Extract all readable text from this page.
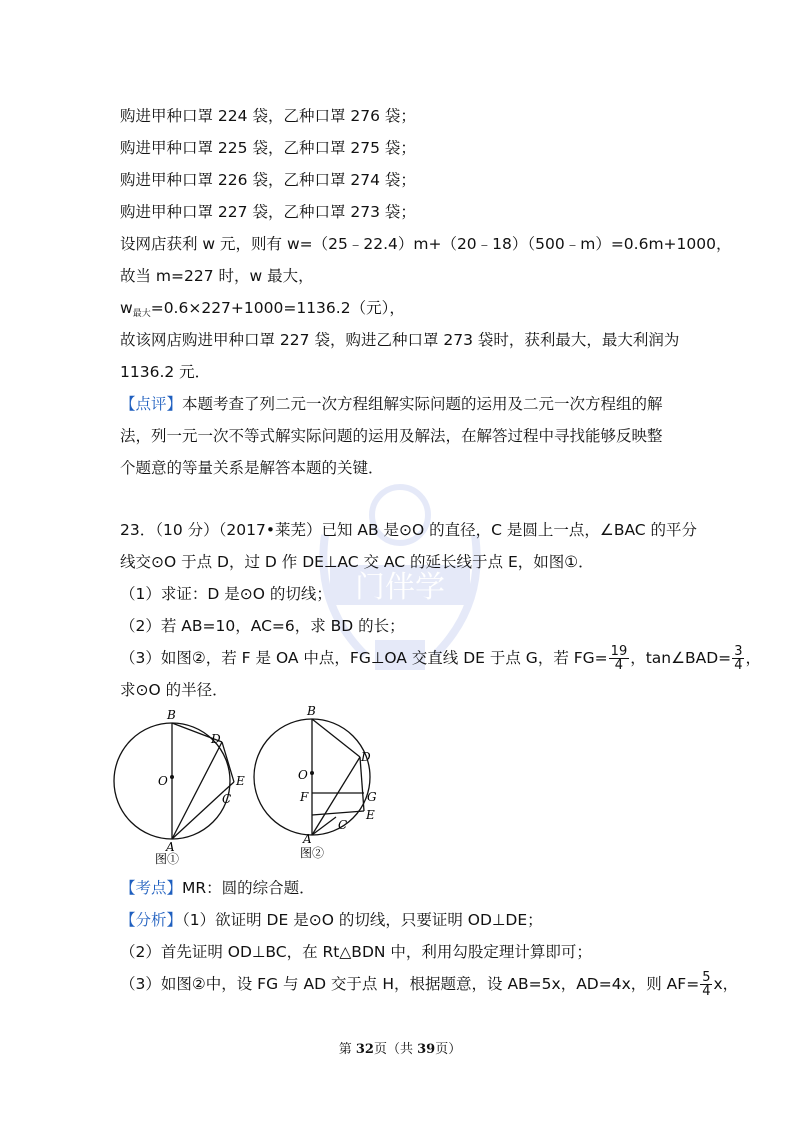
门伴学
购进甲种口罩 224 袋，乙种口罩 276 袋；
购进甲种口罩 225 袋，乙种口罩 275 袋；
购进甲种口罩 226 袋，乙种口罩 274 袋；
购进甲种口罩 227 袋，乙种口罩 273 袋；
设网店获利 w 元，则有 w=（25﹣22.4）m+（20﹣18）（500﹣m）=0.6m+1000，
故当 m=227 时，w 最大，
$w_{最大}=0.6\times 227+1000=1136.2$（元），
故该网店购进甲种口罩 227 袋，购进乙种口罩 273 袋时，获利最大，最大利润为
1136.2 元．
【点评】本题考查了列二元一次方程组解实际问题的运用及二元一次方程组的解
法，列一元一次不等式解实际问题的运用及解法，在解答过程中寻找能够反映整
个题意的等量关系是解答本题的关键．
23．（10 分）（2017•莱芜）已知 AB 是⊙O 的直径，C 是圆上一点，∠BAC 的平分
线交⊙O 于点 D，过 D 作 DE⊥AC 交 AC 的延长线于点 E，如图①．
（1）求证：D 是⊙O 的切线；
（2）若 AB=10，AC=6，求 BD 的长；
（3）如图②，若 F 是 OA 中点，FG⊥OA 交直线 DE 于点 G，若 $FG= \frac{19}{4}$ ，tan∠BAD= $\frac{3}{4}$ ，
求⊙O 的半径．
B
D
O	E
C
A
图①
B
D
O
F	G
E
C
A
图②
【考点】MR：圆的综合题．
【分析】（1）欲证明 DE 是⊙O 的切线，只要证明 OD⊥DE；
（2）首先证明 OD⊥BC，在 Rt△BDN 中，利用勾股定理计算即可；
（3）如图②中，设 FG 与 AD 交于点 H，根据题意，设 AB=5x，AD=4x，则 $AF= \frac{5}{4}$ x，
第 32页（共 39页）
